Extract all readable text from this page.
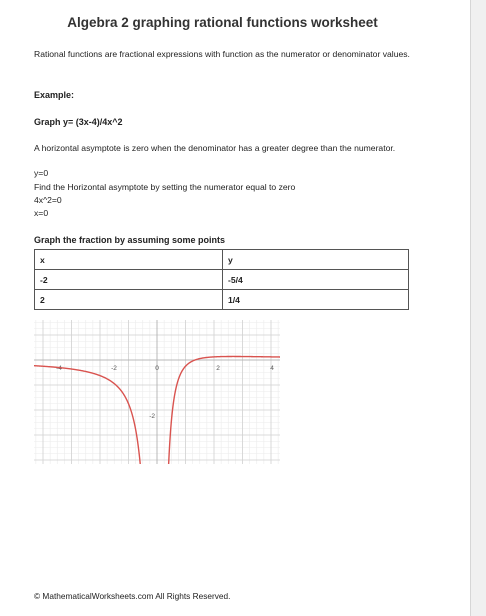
Algebra 2 graphing rational functions worksheet

Rational functions are fractional expressions with function as the numerator or denominator values.

Example:

Graph y= (3x-4)/4x^2

A horizontal asymptote is zero when the denominator has a greater degree than the numerator.

y=0

Find the Horizontal asymptote by setting the numerator equal to zero

4x^2=0

x=0

Graph the fraction by assuming some points

x	y
-2	-5/4
2	1/4
-4	-2	0	2	4
-2
© MathematicalWorksheets.com All Rights Reserved.
